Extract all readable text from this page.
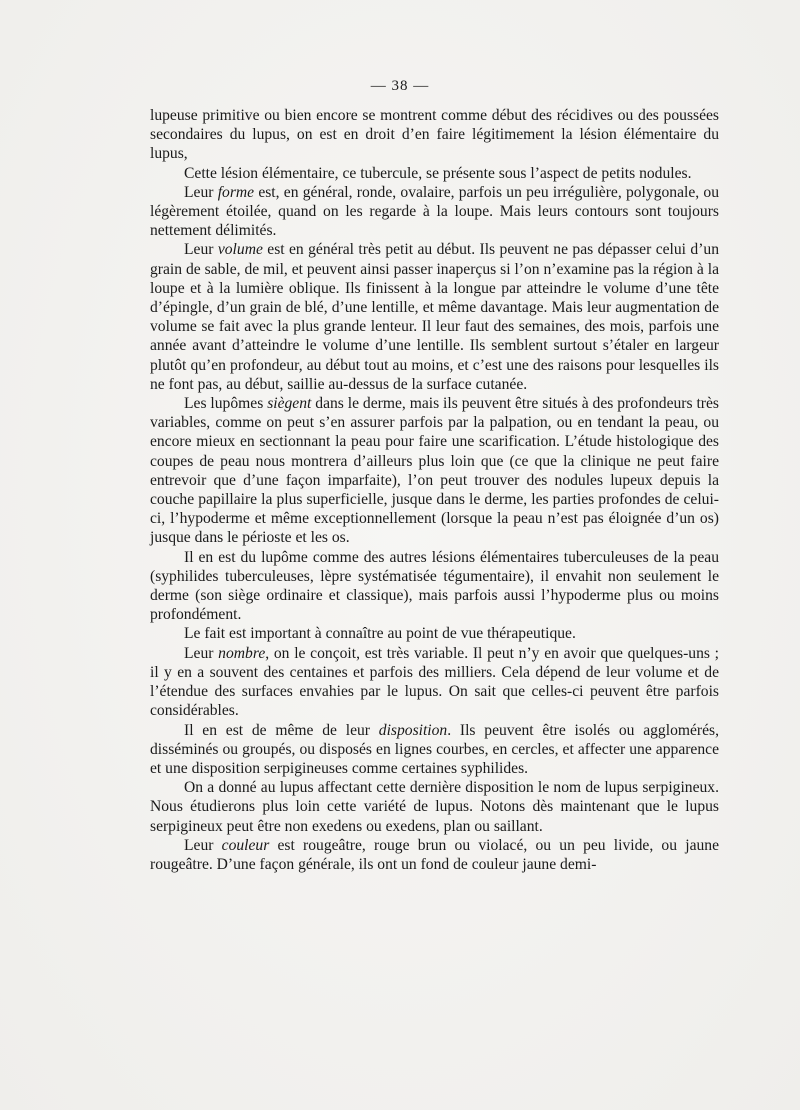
— 38 —

lupeuse primitive ou bien encore se montrent comme début des récidives ou des poussées secondaires du lupus, on est en droit d’en faire légitimement la lésion élémentaire du lupus,

Cette lésion élémentaire, ce tubercule, se présente sous l’aspect de petits nodules.

Leur forme est, en général, ronde, ovalaire, parfois un peu irrégulière, polygonale, ou légèrement étoilée, quand on les regarde à la loupe. Mais leurs contours sont toujours nettement délimités.

Leur volume est en général très petit au début. Ils peuvent ne pas dépasser celui d’un grain de sable, de mil, et peuvent ainsi passer inaperçus si l’on n’examine pas la région à la loupe et à la lumière oblique. Ils finissent à la longue par atteindre le volume d’une tête d’épingle, d’un grain de blé, d’une lentille, et même davantage. Mais leur augmentation de volume se fait avec la plus grande lenteur. Il leur faut des semaines, des mois, parfois une année avant d’atteindre le volume d’une lentille. Ils semblent surtout s’étaler en largeur plutôt qu’en profondeur, au début tout au moins, et c’est une des raisons pour lesquelles ils ne font pas, au début, saillie au-dessus de la surface cutanée.

Les lupômes siègent dans le derme, mais ils peuvent être situés à des profondeurs très variables, comme on peut s’en assurer parfois par la palpation, ou en tendant la peau, ou encore mieux en sectionnant la peau pour faire une scarification. L’étude histologique des coupes de peau nous montrera d’ailleurs plus loin que (ce que la clinique ne peut faire entrevoir que d’une façon imparfaite), l’on peut trouver des nodules lupeux depuis la couche papillaire la plus superficielle, jusque dans le derme, les parties profondes de celui-ci, l’hypoderme et même exceptionnellement (lorsque la peau n’est pas éloignée d’un os) jusque dans le périoste et les os.

Il en est du lupôme comme des autres lésions élémentaires tuberculeuses de la peau (syphilides tuberculeuses, lèpre systématisée tégumentaire), il envahit non seulement le derme (son siège ordinaire et classique), mais parfois aussi l’hypoderme plus ou moins profondément.

Le fait est important à connaître au point de vue thérapeutique.

Leur nombre, on le conçoit, est très variable. Il peut n’y en avoir que quelques-uns ; il y en a souvent des centaines et parfois des milliers. Cela dépend de leur volume et de l’étendue des surfaces envahies par le lupus. On sait que celles-ci peuvent être parfois considérables.

Il en est de même de leur disposition. Ils peuvent être isolés ou agglomérés, disséminés ou groupés, ou disposés en lignes courbes, en cercles, et affecter une apparence et une disposition serpigineuses comme certaines syphilides.

On a donné au lupus affectant cette dernière disposition le nom de lupus serpigineux. Nous étudierons plus loin cette variété de lupus. Notons dès maintenant que le lupus serpigineux peut être non exedens ou exedens, plan ou saillant.

Leur couleur est rougeâtre, rouge brun ou violacé, ou un peu livide, ou jaune rougeâtre. D’une façon générale, ils ont un fond de couleur jaune demi-
